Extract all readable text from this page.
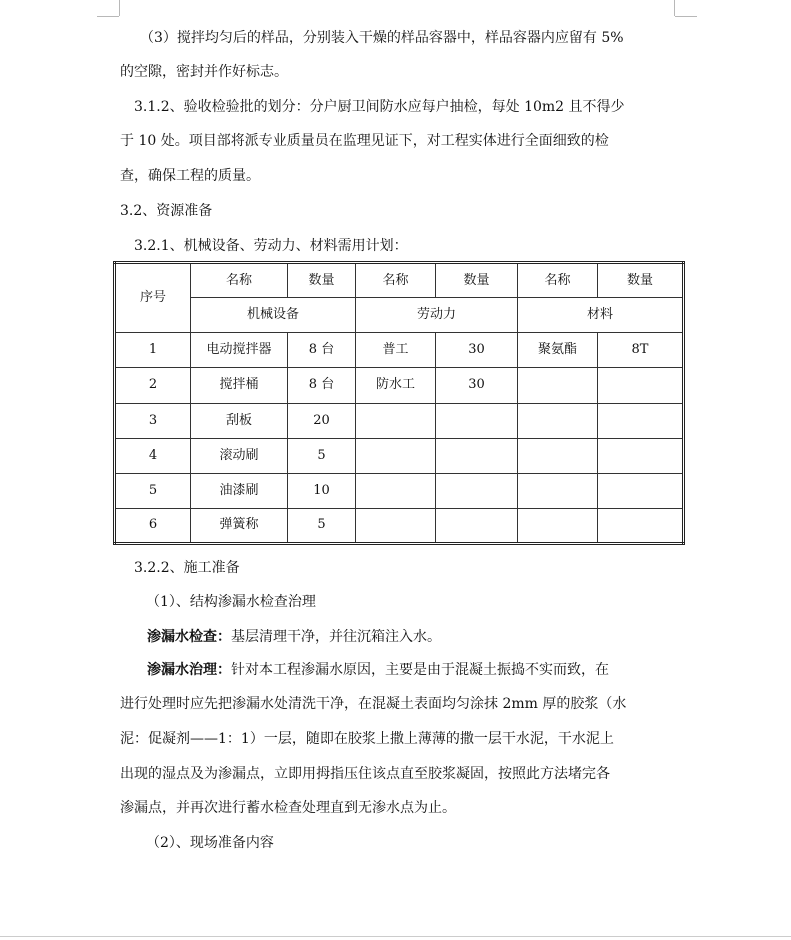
（3）搅拌均匀后的样品，分别装入干燥的样品容器中，样品容器内应留有 5%
的空隙，密封并作好标志。
3.1.2、验收检验批的划分：分户厨卫间防水应每户抽检，每处 10m2 且不得少
于 10 处。项目部将派专业质量员在监理见证下，对工程实体进行全面细致的检
查，确保工程的质量。
3.2、资源准备
3.2.1、机械设备、劳动力、材料需用计划：
序号	名称	数量	名称	数量	名称	数量
	机械设备		劳动力		材料	
1	电动搅拌器	8 台	普工	30	聚氨酯	8T
2	搅拌桶	8 台	防水工	30		
3	刮板	20				
4	滚动刷	5				
5	油漆刷	10				
6	弹簧称	5				
3.2.2、施工准备
（1）、结构渗漏水检查治理
渗漏水检查：基层清理干净，并往沉箱注入水。
渗漏水治理：针对本工程渗漏水原因，主要是由于混凝土振捣不实而致，在
进行处理时应先把渗漏水处清洗干净，在混凝土表面均匀涂抹 2mm 厚的胶浆（水
泥：促凝剂——1：1）一层，随即在胶浆上撒上薄薄的撒一层干水泥，干水泥上
出现的湿点及为渗漏点，立即用拇指压住该点直至胶浆凝固，按照此方法堵完各
渗漏点，并再次进行蓄水检查处理直到无渗水点为止。
（2）、现场准备内容
